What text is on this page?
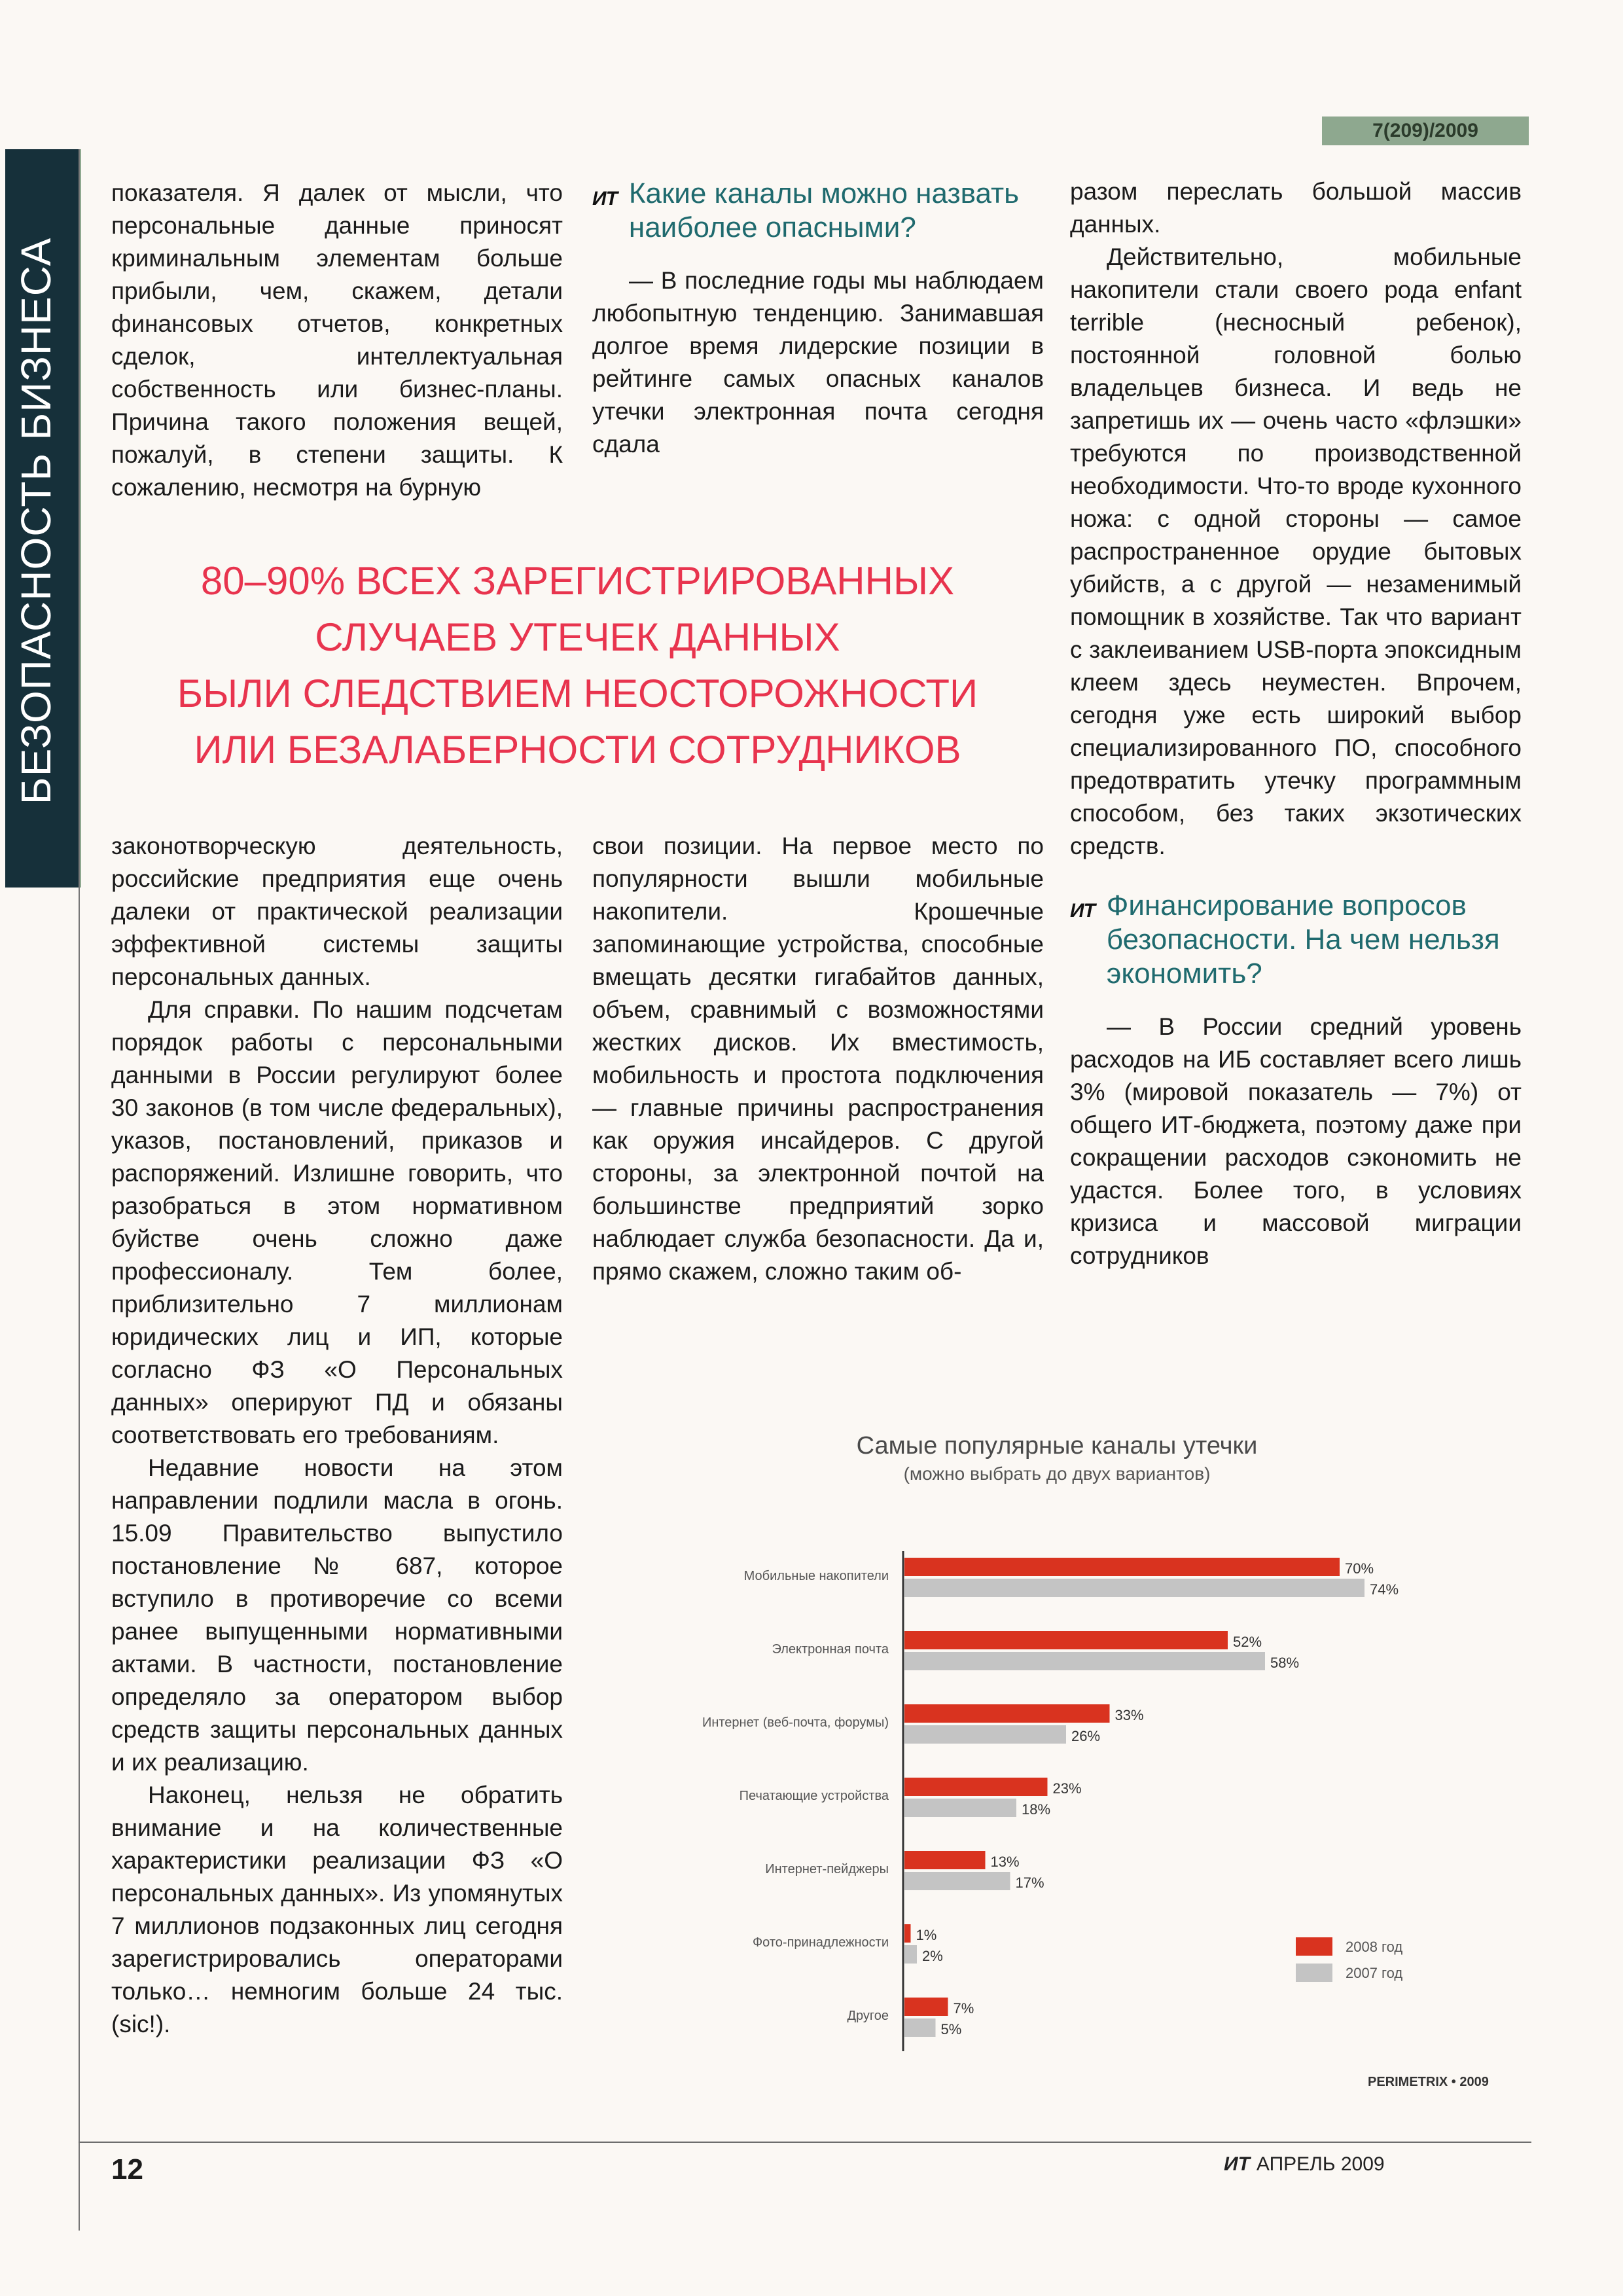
7(209)/2009
БЕЗОПАСНОСТЬ БИЗНЕСА

показателя. Я далек от мысли, что персональные данные приносят криминальным элементам больше прибыли, чем, скажем, детали финансовых отчетов, конкретных сделок, интеллектуальная собственность или бизнес-планы. Причина такого положения вещей, пожалуй, в степени защиты. К сожалению, несмотря на бурную

ИТ Какие каналы можно назвать наиболее опасными?

— В последние годы мы наблюдаем любопытную тенденцию. Занимавшая долгое время лидерские позиции в рейтинге самых опасных каналов утечки электронная почта сегодня сдала

разом переслать большой массив данных.

Действительно, мобильные накопители стали своего рода enfant terrible (несносный ребенок), постоянной головной болью владельцев бизнеса. И ведь не запретишь их — очень часто «флэшки» требуются по производственной необходимости. Что-то вроде кухонного ножа: с одной стороны — самое распространенное орудие бытовых убийств, а с другой — незаменимый помощник в хозяйстве. Так что вариант с заклеиванием USB-порта эпоксидным клеем здесь неуместен. Впрочем, сегодня уже есть широкий выбор специализированного ПО, способного предотвратить утечку программным способом, без таких экзотических средств.

ИТ Финансирование вопросов безопасности. На чем нельзя экономить?

— В России средний уровень расходов на ИБ составляет всего лишь 3% (мировой показатель — 7%) от общего ИТ-бюджета, поэтому даже при сокращении расходов сэкономить не удастся. Более того, в условиях кризиса и массовой миграции сотрудников

80–90% ВСЕХ ЗАРЕГИСТРИРОВАННЫХ
СЛУЧАЕВ УТЕЧЕК ДАННЫХ
БЫЛИ СЛЕДСТВИЕМ НЕОСТОРОЖНОСТИ
ИЛИ БЕЗАЛАБЕРНОСТИ СОТРУДНИКОВ

законотворческую деятельность, российские предприятия еще очень далеки от практической реализации эффективной системы защиты персональных данных.

Для справки. По нашим подсчетам порядок работы с персональными данными в России регулируют более 30 законов (в том числе федеральных), указов, постановлений, приказов и распоряжений. Излишне говорить, что разобраться в этом нормативном буйстве очень сложно даже профессионалу. Тем более, приблизительно 7 миллионам юридических лиц и ИП, которые согласно ФЗ «О Персональных данных» оперируют ПД и обязаны соответствовать его требованиям.

Недавние новости на этом направлении подлили масла в огонь. 15.09 Правительство выпустило постановление № 687, которое вступило в противоречие со всеми ранее выпущенными нормативными актами. В частности, постановление определяло за оператором выбор средств защиты персональных данных и их реализацию.

Наконец, нельзя не обратить внимание и на количественные характеристики реализации ФЗ «О персональных данных». Из упомянутых 7 миллионов подзаконных лиц сегодня зарегистрировались операторами только… немногим больше 24 тыс. (sic!).

свои позиции. На первое место по популярности вышли мобильные накопители. Крошечные запоминающие устройства, способные вмещать десятки гигабайтов данных, объем, сравнимый с возможностями жестких дисков. Их вместимость, мобильность и простота подключения — главные причины распространения как оружия инсайдеров. С другой стороны, за электронной почтой на большинстве предприятий зорко наблюдает служба безопасности. Да и, прямо скажем, сложно таким об-

Самые популярные каналы утечки
(можно выбрать до двух вариантов)
Мобильные накопители	70%
74%
Электронная почта	52%
58%
Интернет (веб-почта, форумы)	33%
26%
Печатающие устройства	23%
18%
Интернет-пейджеры	13%
17%
Фото-принадлежности 1%
2%
Другое	7%
5%
2008 год
2007 год
PERIMETRIX • 2009
12	ИТ АПРЕЛЬ 2009
